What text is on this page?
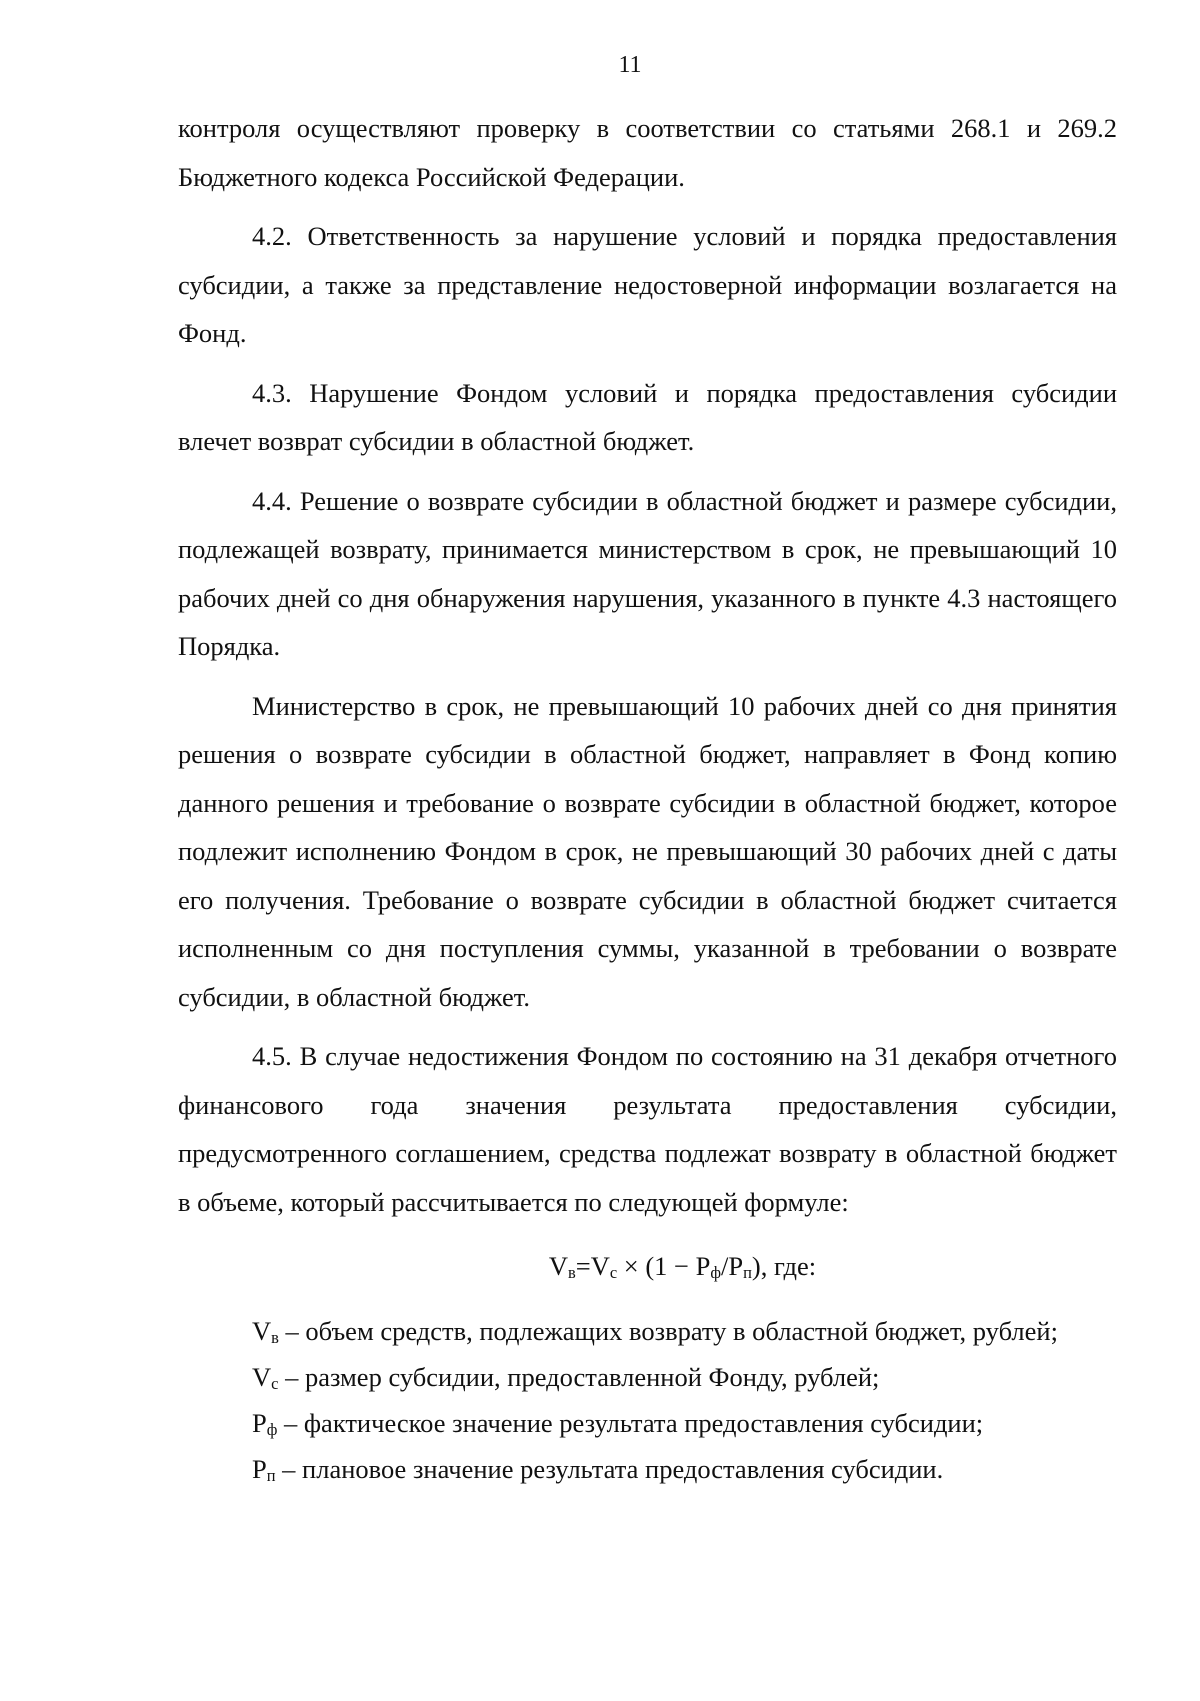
11

контроля осуществляют проверку в соответствии со статьями 268.1 и 269.2 Бюджетного кодекса Российской Федерации.

4.2. Ответственность за нарушение условий и порядка предоставления субсидии, а также за представление недостоверной информации возлагается на Фонд.

4.3. Нарушение Фондом условий и порядка предоставления субсидии влечет возврат субсидии в областной бюджет.

4.4. Решение о возврате субсидии в областной бюджет и размере субсидии, подлежащей возврату, принимается министерством в срок, не превышающий 10 рабочих дней со дня обнаружения нарушения, указанного в пункте 4.3 настоящего Порядка.

Министерство в срок, не превышающий 10 рабочих дней со дня принятия решения о возврате субсидии в областной бюджет, направляет в Фонд копию данного решения и требование о возврате субсидии в областной бюджет, которое подлежит исполнению Фондом в срок, не превышающий 30 рабочих дней с даты его получения. Требование о возврате субсидии в областной бюджет считается исполненным со дня поступления суммы, указанной в требовании о возврате субсидии, в областной бюджет.

4.5. В случае недостижения Фондом по состоянию на 31 декабря отчетного финансового года значения результата предоставления субсидии, предусмотренного соглашением, средства подлежат возврату в областной бюджет в объеме, который рассчитывается по следующей формуле:

$V_в=V_с \times (1 - P_ф/P_п)$, где:
$V_в$ – объем средств, подлежащих возврату в областной бюджет, рублей;
$V_с$ – размер субсидии, предоставленной Фонду, рублей;
$P_ф$ – фактическое значение результата предоставления субсидии;
$P_п$ – плановое значение результата предоставления субсидии.
